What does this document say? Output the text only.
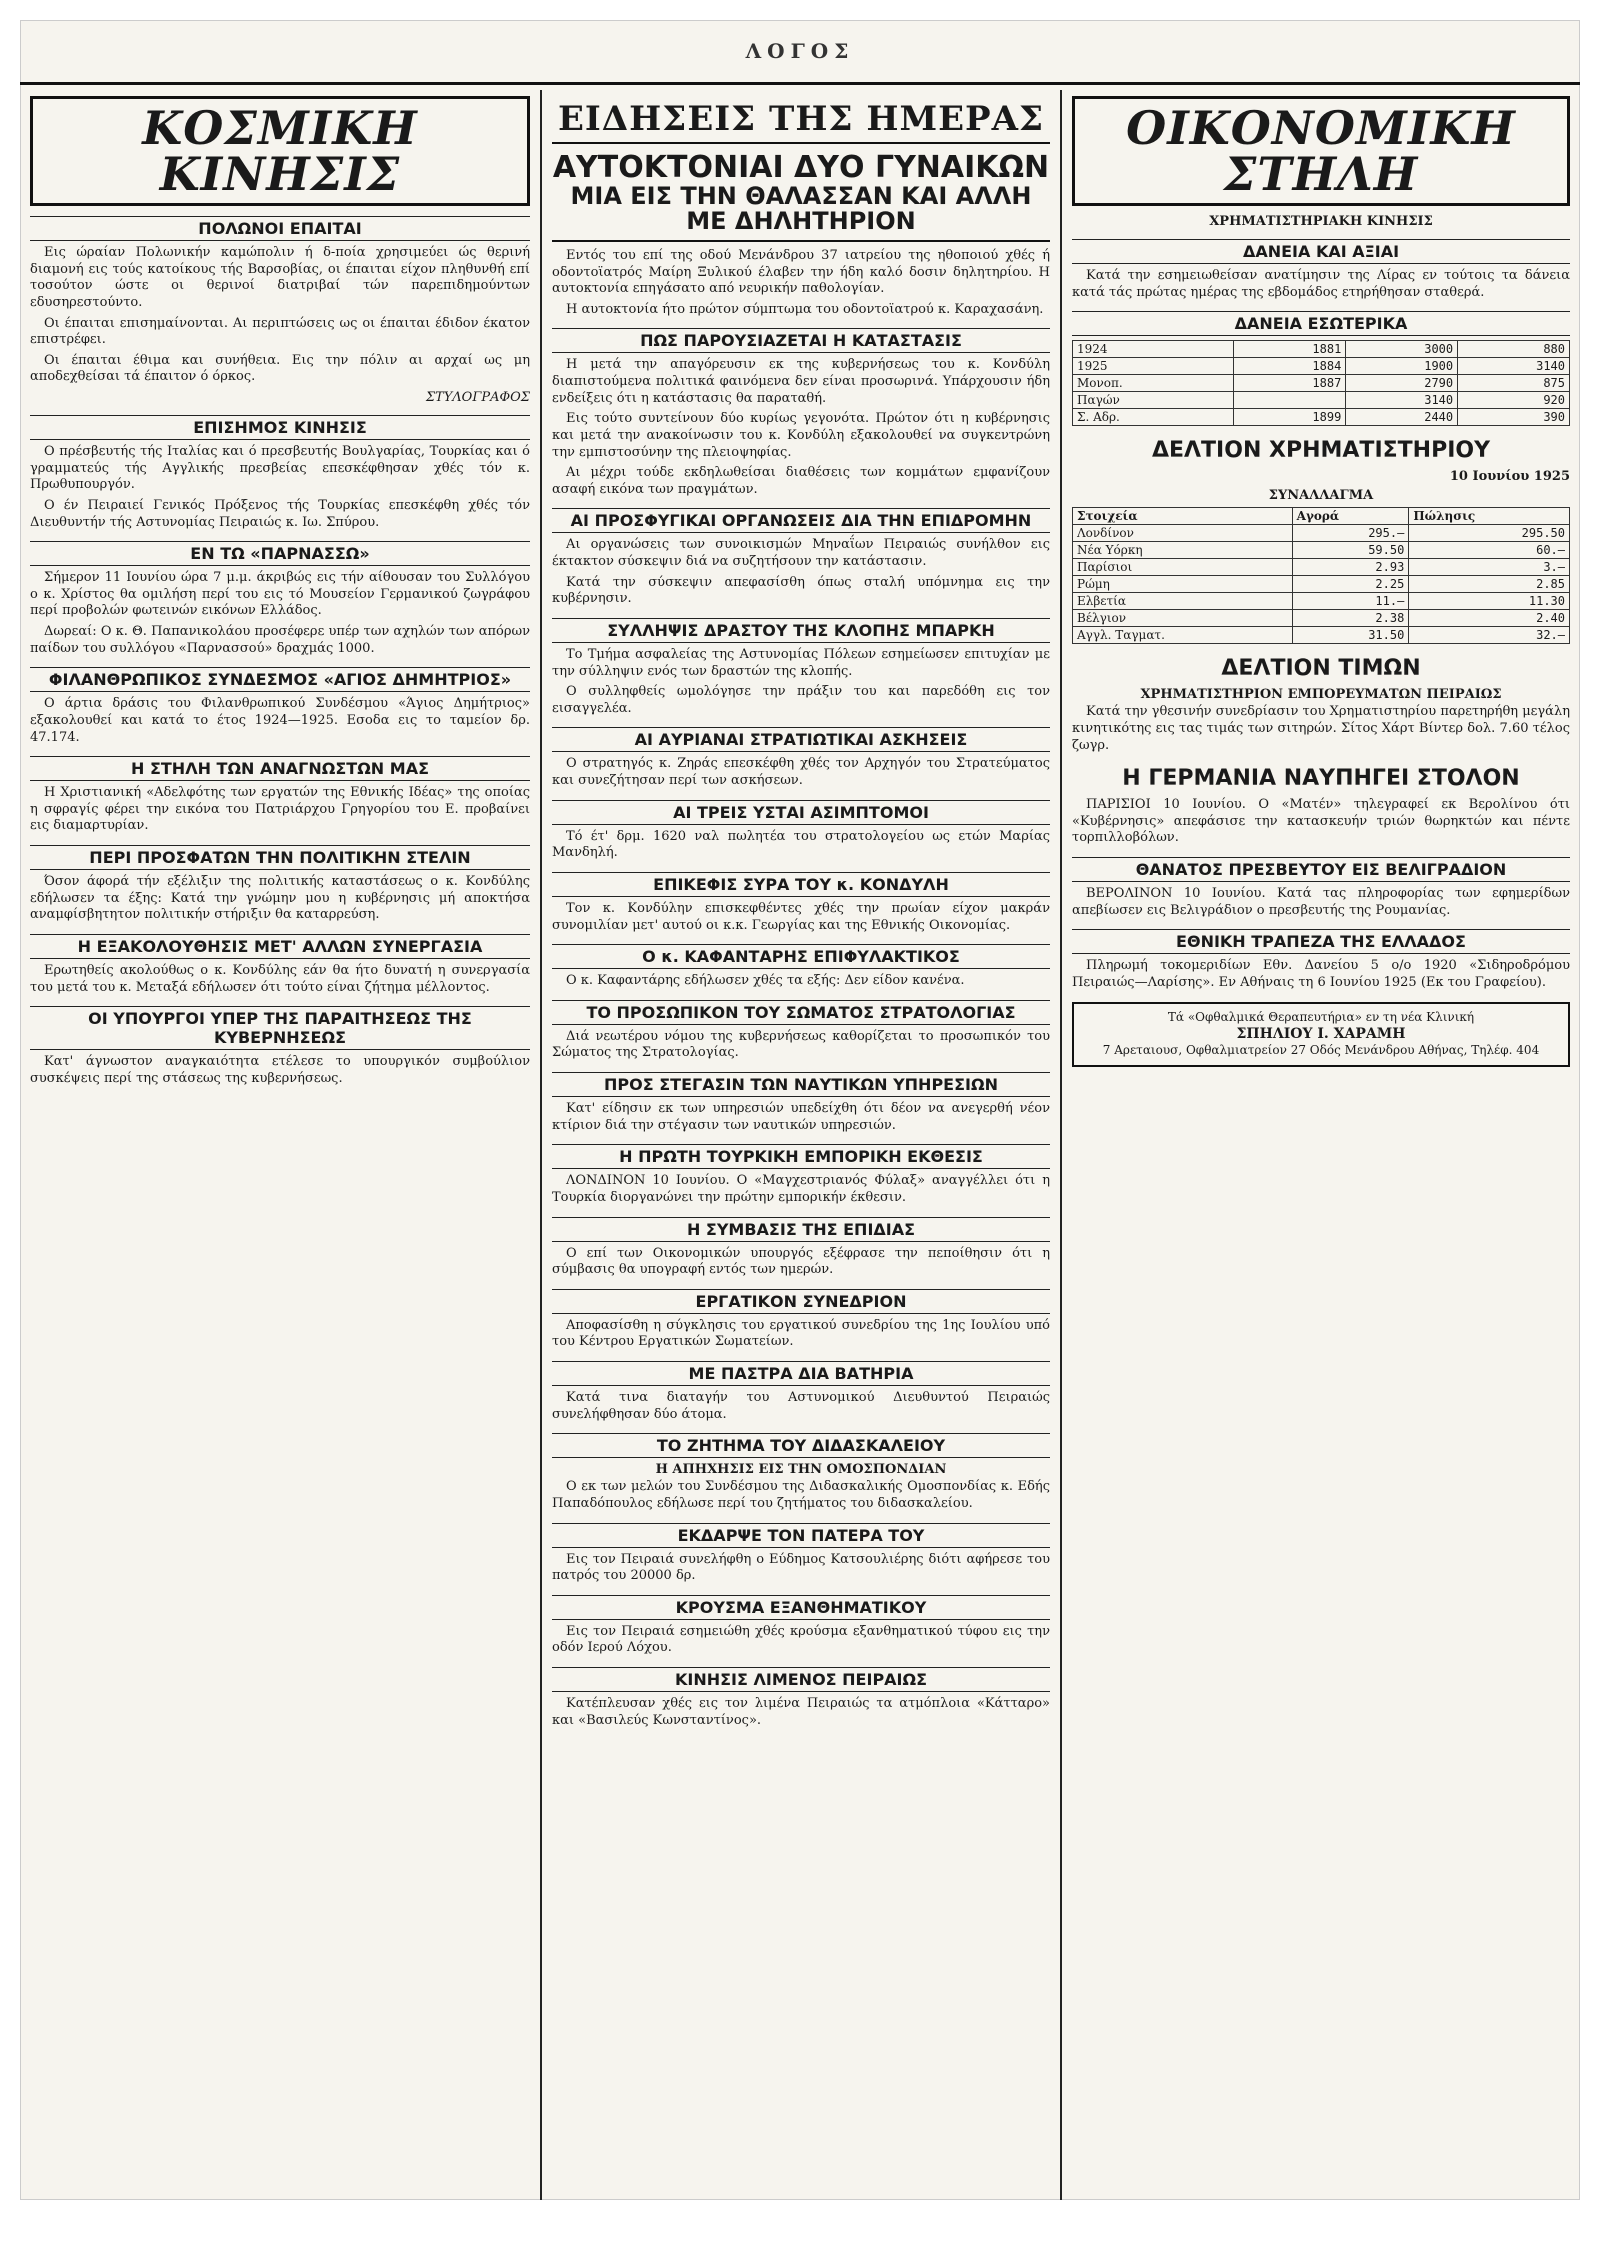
ΛΟΓΟΣ
ΚΟΣΜΙΚΗ ΚΙΝΗΣΙΣ
ΠΟΛΩΝΟΙ ΕΠΑΙΤΑΙ

Εις ώραίαν Πολωνικήν καμώπολιν ή δ-ποία χρησιμεύει ώς θερινή διαμονή εις τούς κατοίκους τής Βαρσοβίας, οι έπαιται είχον πληθυνθή επί τοσούτον ώστε οι θερινοί διατριβαί τών παρεπιδημούντων εδυσηρεστούντο.

Οι έπαιται επισημαίνονται. Αι περιπτώσεις ως οι έπαιται έδιδον έκατον επιστρέφει.

Οι έπαιται έθιμα και συνήθεια. Εις την πόλιν αι αρχαί ως μη αποδεχθείσαι τά έπαιτον ό όρκος.

ΣΤΥΛΟΓΡΑΦΟΣ
ΕΠΙΣΗΜΟΣ ΚΙΝΗΣΙΣ

Ο πρέσβευτής τής Ιταλίας και ό πρεσβευτής Βουλγαρίας, Τουρκίας και ό γραμματεύς τής Αγγλικής πρεσβείας επεσκέφθησαν χθές τόν κ. Πρωθυπουργόν.

Ο έν Πειραιεί Γενικός Πρόξενος τής Τουρκίας επεσκέφθη χθές τόν Διευθυντήν τής Αστυνομίας Πειραιώς κ. Ιω. Σπύρου.

ΕΝ ΤΩ «ΠΑΡΝΑΣΣΩ»

Σήμερον 11 Ιουνίου ώρα 7 μ.μ. άκριβώς εις τήν αίθουσαν του Συλλόγου ο κ. Χρίστος θα ομιλήση περί του εις τό Μουσείον Γερμανικού ζωγράφου περί προβολών φωτεινών εικόνων Ελλάδος.

Δωρεαί: Ο κ. Θ. Παπανικολάου προσέφερε υπέρ των αχηλών των απόρων παίδων του συλλόγου «Παρνασσού» δραχμάς 1000.

ΦΙΛΑΝΘΡΩΠΙΚΟΣ ΣΥΝΔΕΣΜΟΣ «ΑΓΙΟΣ ΔΗΜΗΤΡΙΟΣ»

Ο άρτια δράσις του Φιλανθρωπικού Συνδέσμου «Άγιος Δημήτριος» εξακολουθεί και κατά το έτος 1924—1925. Εσοδα εις το ταμείον δρ. 47.174.

Η ΣΤΗΛΗ ΤΩΝ ΑΝΑΓΝΩΣΤΩΝ ΜΑΣ

Η Χριστιανική «Αδελφότης των εργατών της Εθνικής Ιδέας» της οποίας η σφραγίς φέρει την εικόνα του Πατριάρχου Γρηγορίου του Ε. προβαίνει εις διαμαρτυρίαν.

ΠΕΡΙ ΠΡΟΣΦΑΤΩΝ ΤΗΝ ΠΟΛΙΤΙΚΗΝ ΣΤΕΛΙΝ

Όσον άφορά τήν εξέλιξιν της πολιτικής καταστάσεως ο κ. Κονδύλης εδήλωσεν τα έξης: Κατά την γνώμην μου η κυβέρνησις μή αποκτήσα αναμφίσβητητον πολιτικήν στήριξιν θα καταρρεύση.

Η ΕΞΑΚΟΛΟΥΘΗΣΙΣ ΜΕΤ' ΑΛΛΩΝ ΣΥΝΕΡΓΑΣΙΑ

Ερωτηθείς ακολούθως ο κ. Κονδύλης εάν θα ήτο δυνατή η συνεργασία του μετά του κ. Μεταξά εδήλωσεν ότι τούτο είναι ζήτημα μέλλοντος.

ΟΙ ΥΠΟΥΡΓΟΙ ΥΠΕΡ ΤΗΣ ΠΑΡΑΙΤΗΣΕΩΣ ΤΗΣ ΚΥΒΕΡΝΗΣΕΩΣ

Κατ' άγνωστον αναγκαιότητα ετέλεσε το υπουργικόν συμβούλιον συσκέψεις περί της στάσεως της κυβερνήσεως.

ΕΙΔΗΣΕΙΣ ΤΗΣ ΗΜΕΡΑΣ
ΑΥΤΟΚΤΟΝΙΑΙ ΔΥΟ ΓΥΝΑΙΚΩΝ
ΜΙΑ ΕΙΣ ΤΗΝ ΘΑΛΑΣΣΑΝ ΚΑΙ ΑΛΛΗ ΜΕ ΔΗΛΗΤΗΡΙΟΝ

Εντός του επί της οδού Μενάνδρου 37 ιατρείου της ηθοποιού χθές ή οδοντοϊατρός Μαίρη Ξυλικού έλαβεν την ήδη καλό δοσιν δηλητηρίου. Η αυτοκτονία επηγάσατο από νευρικήν παθολογίαν.

Η αυτοκτονία ήτο πρώτον σύμπτωμα του οδοντοϊατρού κ. Καραχασάνη.

ΠΩΣ ΠΑΡΟΥΣΙΑΖΕΤΑΙ Η ΚΑΤΑΣΤΑΣΙΣ

Η μετά την απαγόρευσιν εκ της κυβερνήσεως του κ. Κονδύλη διαπιστούμενα πολιτικά φαινόμενα δεν είναι προσωρινά. Υπάρχουσιν ήδη ενδείξεις ότι η κατάστασις θα παραταθή.

Εις τούτο συντείνουν δύο κυρίως γεγονότα. Πρώτον ότι η κυβέρνησις και μετά την ανακοίνωσιν του κ. Κονδύλη εξακολουθεί να συγκεντρώνη την εμπιστοσύνην της πλειοψηφίας.

Αι μέχρι τούδε εκδηλωθείσαι διαθέσεις των κομμάτων εμφανίζουν ασαφή εικόνα των πραγμάτων.

ΑΙ ΠΡΟΣΦΥΓΙΚΑΙ ΟΡΓΑΝΩΣΕΙΣ ΔΙΑ ΤΗΝ ΕΠΙΔΡΟΜΗΝ

Αι οργανώσεις των συνοικισμών Μηναΐων Πειραιώς συνήλθον εις έκτακτον σύσκεψιν διά να συζητήσουν την κατάστασιν.

Κατά την σύσκεψιν απεφασίσθη όπως σταλή υπόμνημα εις την κυβέρνησιν.

ΣΥΛΛΗΨΙΣ ΔΡΑΣΤΟΥ ΤΗΣ ΚΛΟΠΗΣ ΜΠΑΡΚΗ

Το Τμήμα ασφαλείας της Αστυνομίας Πόλεων εσημείωσεν επιτυχίαν με την σύλληψιν ενός των δραστών της κλοπής.

Ο συλληφθείς ωμολόγησε την πράξιν του και παρεδόθη εις τον εισαγγελέα.

ΑΙ ΑΥΡΙΑΝΑΙ ΣΤΡΑΤΙΩΤΙΚΑΙ ΑΣΚΗΣΕΙΣ

Ο στρατηγός κ. Ζηράς επεσκέφθη χθές τον Αρχηγόν του Στρατεύματος και συνεζήτησαν περί των ασκήσεων.

ΑΙ ΤΡΕΙΣ ΥΣΤΑΙ ΑΣΙΜΠΤΟΜΟΙ

Τό έτ' δρμ. 1620 ναλ πωλητέα του στρατολογείου ως ετών Μαρίας Μανδηλή.

ΕΠΙΚΕΦΙΣ ΣΥΡΑ ΤΟΥ κ. ΚΟΝΔΥΛΗ

Τον κ. Κονδύλην επισκεφθέντες χθές την πρωίαν είχον μακράν συνομιλίαν μετ' αυτού οι κ.κ. Γεωργίας και της Εθνικής Οικονομίας.

Ο κ. ΚΑΦΑΝΤΑΡΗΣ ΕΠΙΦΥΛΑΚΤΙΚΟΣ

Ο κ. Καφαντάρης εδήλωσεν χθές τα εξής: Δεν είδον κανένα.

ΤΟ ΠΡΟΣΩΠΙΚΟΝ ΤΟΥ ΣΩΜΑΤΟΣ ΣΤΡΑΤΟΛΟΓΙΑΣ

Διά νεωτέρου νόμου της κυβερνήσεως καθορίζεται το προσωπικόν του Σώματος της Στρατολογίας.

ΠΡΟΣ ΣΤΕΓΑΣΙΝ ΤΩΝ ΝΑΥΤΙΚΩΝ ΥΠΗΡΕΣΙΩΝ

Κατ' είδησιν εκ των υπηρεσιών υπεδείχθη ότι δέον να ανεγερθή νέον κτίριον διά την στέγασιν των ναυτικών υπηρεσιών.

Η ΠΡΩΤΗ ΤΟΥΡΚΙΚΗ ΕΜΠΟΡΙΚΗ ΕΚΘΕΣΙΣ

ΛΟΝΔΙΝΟΝ 10 Ιουνίου. Ο «Μαγχεστριανός Φύλαξ» αναγγέλλει ότι η Τουρκία διοργανώνει την πρώτην εμπορικήν έκθεσιν.

Η ΣΥΜΒΑΣΙΣ ΤΗΣ ΕΠΙΔΙΑΣ

Ο επί των Οικονομικών υπουργός εξέφρασε την πεποίθησιν ότι η σύμβασις θα υπογραφή εντός των ημερών.

ΕΡΓΑΤΙΚΟΝ ΣΥΝΕΔΡΙΟΝ

Αποφασίσθη η σύγκλησις του εργατικού συνεδρίου της 1ης Ιουλίου υπό του Κέντρου Εργατικών Σωματείων.

ΜΕ ΠΑΣΤΡΑ ΔΙΑ ΒΑΤΗΡΙΑ

Κατά τινα διαταγήν του Αστυνομικού Διευθυντού Πειραιώς συνελήφθησαν δύο άτομα.

ΤΟ ΖΗΤΗΜΑ ΤΟΥ ΔΙΔΑΣΚΑΛΕΙΟΥ
Η ΑΠΗΧΗΣΙΣ ΕΙΣ ΤΗΝ ΟΜΟΣΠΟΝΔΙΑΝ

Ο εκ των μελών του Συνδέσμου της Διδασκαλικής Ομοσπονδίας κ. Εδής Παπαδόπουλος εδήλωσε περί του ζητήματος του διδασκαλείου.

ΕΚΔΑΡΨΕ ΤΟΝ ΠΑΤΕΡΑ ΤΟΥ

Εις τον Πειραιά συνελήφθη ο Εύδημος Κατσουλιέρης διότι αφήρεσε του πατρός του 20000 δρ.

ΚΡΟΥΣΜΑ ΕΞΑΝΘΗΜΑΤΙΚΟΥ

Εις τον Πειραιά εσημειώθη χθές κρούσμα εξανθηματικού τύφου εις την οδόν Ιερού Λόχου.

ΚΙΝΗΣΙΣ ΛΙΜΕΝΟΣ ΠΕΙΡΑΙΩΣ

Κατέπλευσαν χθές εις τον λιμένα Πειραιώς τα ατμόπλοια «Κάτταρο» και «Βασιλεύς Κωνσταντίνος».

ΟΙΚΟΝΟΜΙΚΗ ΣΤΗΛΗ
ΧΡΗΜΑΤΙΣΤΗΡΙΑΚΗ ΚΙΝΗΣΙΣ
ΔΑΝΕΙΑ ΚΑΙ ΑΞΙΑΙ

Κατά την εσημειωθείσαν ανατίμησιν της Λίρας εν τούτοις τα δάνεια κατά τάς πρώτας ημέρας της εβδομάδος ετηρήθησαν σταθερά.

ΔΑΝΕΙΑ ΕΣΩΤΕΡΙΚΑ
1924	1881	3000	880
1925	1884	1900	3140
Μονοπ.	1887	2790	875
Παγών		3140	920
Σ. Αδρ.	1899	2440	390
ΔΕΛΤΙΟΝ ΧΡΗΜΑΤΙΣΤΗΡΙΟΥ
10 Ιουνίου 1925
ΣΥΝΑΛΛΑΓΜΑ
Στοιχεία	Αγορά	Πώλησις
Λονδίνον	295.—	295.50
Νέα Υόρκη	59.50	60.—
Παρίσιοι	2.93	3.—
Ρώμη	2.25	2.85
Ελβετία	11.—	11.30
Βέλγιον	2.38	2.40
Αγγλ. Ταγματ.	31.50	32.—
ΔΕΛΤΙΟΝ ΤΙΜΩΝ
ΧΡΗΜΑΤΙΣΤΗΡΙΟΝ ΕΜΠΟΡΕΥΜΑΤΩΝ ΠΕΙΡΑΙΩΣ

Κατά την γθεσινήν συνεδρίασιν του Χρηματιστηρίου παρετηρήθη μεγάλη κινητικότης εις τας τιμάς των σιτηρών. Σίτος Χάρτ Βίντερ δολ. 7.60 τέλος ζωγρ.

Η ΓΕΡΜΑΝΙΑ ΝΑΥΠΗΓΕΙ ΣΤΟΛΟΝ

ΠΑΡΙΣΙΟΙ 10 Ιουνίου. Ο «Ματέν» τηλεγραφεί εκ Βερολίνου ότι «Κυβέρνησις» απεφάσισε την κατασκευήν τριών θωρηκτών και πέντε τορπιλλοβόλων.

ΘΑΝΑΤΟΣ ΠΡΕΣΒΕΥΤΟΥ ΕΙΣ ΒΕΛΙΓΡΑΔΙΟΝ

ΒΕΡΟΛΙΝΟΝ 10 Ιουνίου. Κατά τας πληροφορίας των εφημερίδων απεβίωσεν εις Βελιγράδιον ο πρεσβευτής της Ρουμανίας.

ΕΘΝΙΚΗ ΤΡΑΠΕΖΑ ΤΗΣ ΕΛΛΑΔΟΣ

Πληρωμή τοκομεριδίων Εθν. Δανείου 5 ο/ο 1920 «Σιδηροδρόμου Πειραιώς—Λαρίσης». Εν Αθήναις τη 6 Ιουνίου 1925 (Εκ του Γραφείου).

Τά «Οφθαλμικά Θεραπευτήρια» εν τη νέα Κλινική
ΣΠΗΛΙΟΥ Ι. ΧΑΡΑΜΗ
7 Αρεταιουσ, Οφθαλμιατρείον 27 Οδός Μενάνδρου Αθήνας, Τηλέφ. 404
